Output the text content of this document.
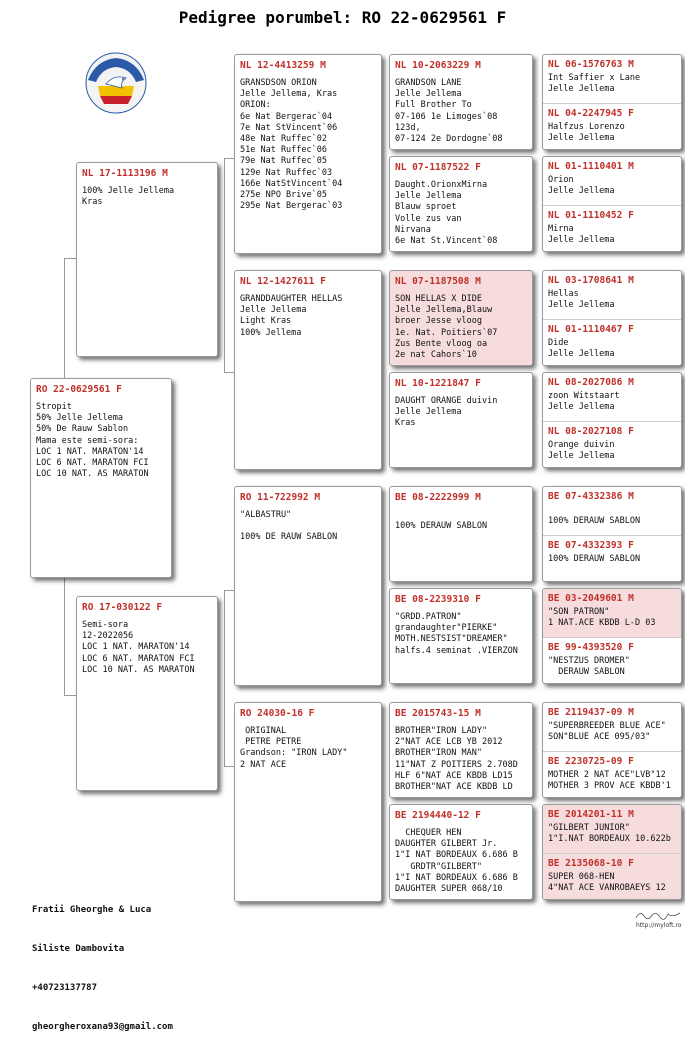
Pedigree porumbel: RO 22-0629561 F
RO 22-0629561 F
Stropit
50% Jelle Jellema
50% De Rauw Sablon
Mama este semi-sora:
LOC 1 NAT. MARATON'14
LOC 6 NAT. MARATON FCI
LOC 10 NAT. AS MARATON
NL 17-1113196 M
100% Jelle Jellema
Kras
RO 17-030122 F
Semi-sora
12-2022056
LOC 1 NAT. MARATON'14
LOC 6 NAT. MARATON FCI
LOC 10 NAT. AS MARATON
NL 12-4413259 M
GRANSDSON ORION
Jelle Jellema, Kras
ORION:
6e Nat Bergerac`04
7e Nat StVincent`06
48e Nat Ruffec`02
51e Nat Ruffec`06
79e Nat Ruffec`05
129e Nat Ruffec`03
166e NatStVincent`04
275e NPO Brive`05
295e Nat Bergerac`03
NL 12-1427611 F
GRANDDAUGHTER HELLAS
Jelle Jellema
Light Kras
100% Jellema
RO 11-722992 M
"ALBASTRU"

100% DE RAUW SABLON
RO 24030-16 F
ORIGINAL
PETRE PETRE
Grandson: "IRON LADY"
2 NAT ACE
NL 10-2063229 M
GRANDSON LANE
Jelle Jellema
Full Brother To
07-106 1e Limoges`08
123d,
07-124 2e Dordogne`08
NL 07-1187522 F
Daught.OrionxMirna
Jelle Jellema
Blauw sproet
Volle zus van
Nirvana
6e Nat St.Vincent`08
NL 07-1187508 M
SON HELLAS X DIDE
Jelle Jellema,Blauw
broer Jesse vloog
1e. Nat. Poitiers`07
Zus Bente vloog oa
2e nat Cahors`10
NL 10-1221847 F
DAUGHT ORANGE duivin
Jelle Jellema
Kras
BE 08-2222999 M

100% DERAUW SABLON
BE 08-2239310 F
"GRDD.PATRON"
grandaughter"PIERKE"
MOTH.NESTSIST"DREAMER"
halfs.4 seminat .VIERZON
BE 2015743-15 M
BROTHER"IRON LADY"
2"NAT ACE LCB YB 2012
BROTHER"IRON MAN"
11"NAT Z POITIERS 2.708D
HLF 6"NAT ACE KBDB LD15
BROTHER"NAT ACE KBDB LD
BE 2194440-12 F
CHEQUER HEN
DAUGHTER GILBERT Jr.
1"I NAT BORDEAUX 6.686 B
GRDTR"GILBERT"
1"I NAT BORDEAUX 6.686 B
DAUGHTER SUPER 068/10
NL 06-1576763 M
Int Saffier x Lane
Jelle Jellema
NL 04-2247945 F
Halfzus Lorenzo
Jelle Jellema
NL 01-1110401 M
Orion
Jelle Jellema
NL 01-1110452 F
Mirna
Jelle Jellema
NL 03-1708641 M
Hellas
Jelle Jellema
NL 01-1110467 F
Dide
Jelle Jellema
NL 08-2027086 M
zoon Witstaart
Jelle Jellema
NL 08-2027108 F
Orange duivin
Jelle Jellema
BE 07-4332386 M

100% DERAUW SABLON
BE 07-4332393 F
100% DERAUW SABLON
BE 03-2049601 M
"SON PATRON"
1 NAT.ACE KBDB L-D 03
BE 99-4393520 F
"NESTZUS DROMER"
DERAUW SABLON
BE 2119437-09 M
"SUPERBREEDER BLUE ACE"
SON"BLUE ACE 095/03"
BE 2230725-09 F
MOTHER 2 NAT ACE"LVB"12
MOTHER 3 PROV ACE KBDB'1
BE 2014201-11 M
"GILBERT JUNIOR"
1"I.NAT BORDEAUX 10.622b
BE 2135068-10 F
SUPER 068-HEN
4"NAT ACE VANROBAEYS 12

Fratii Gheorghe & Luca

Siliste Dambovita

+40723137787

gheorgheroxana93@gmail.com

http://myloft.ro
